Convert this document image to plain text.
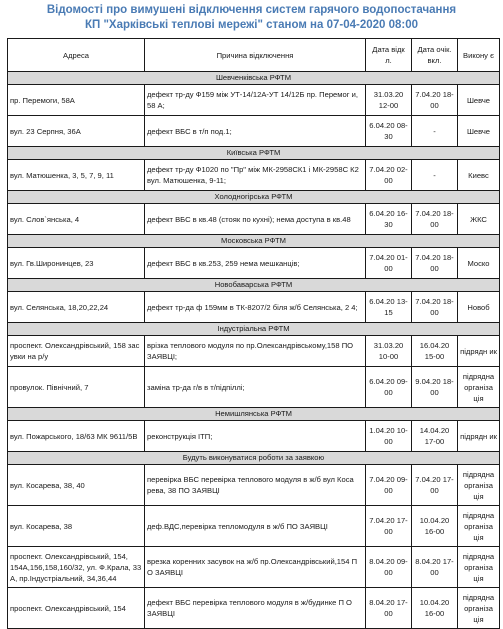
Відомості про вимушені відключення систем гарячого водопостачання
КП "Харківські теплові мережі" станом на 07-04-2020 08:00
Адреса	Причина відключення	Дата відк л.	Дата очік. вкл.	Викону є
Шевченківська РФТМ				
пр. Перемоги, 58А	дефект тр-ду Ф159 між УТ-14/12А-УТ 14/12Б пр. Перемог и, 58 А;	31.03.20 12-00	7.04.20 18-00	Шевче
вул. 23 Серпня, 36А	дефект ВБС в т/п под.1;	6.04.20 08-30	-	Шевче
Київська РФТМ				
вул. Матюшенка, 3, 5, 7, 9, 11	дефект тр-ду Ф1020 по "Пр" між МК-2958СК1 і МК-2958С К2 вул. Матюшенка, 9-11;	7.04.20 02-00	-	Киевс
Холодногірська РФТМ				
вул. Слов`янська, 4	дефект ВБС в кв.48 (стояк по кухні); нема доступа в кв.48	6.04.20 16-30	7.04.20 18-00	ЖКС
Московська РФТМ				
вул. Гв.Широнинцев, 23	дефект ВБС в кв.253, 259 нема мешканців;	7.04.20 01-00	7.04.20 18-00	Моско
Новобаварська РФТМ				
вул. Селянська, 18,20,22,24	дефект тр-да ф 159мм в ТК-8207/2 біля ж/б Селянська, 2 4;	6.04.20 13-15	7.04.20 18-00	Новоб
Індустріальна РФТМ				
проспект. Олександрівський, 158 зас увки на р/у	врізка теплового модуля по пр.Олександрівському,158 ПО ЗАЯВЦІ;	31.03.20 10-00	16.04.20 15-00	підрядн ик
провулок. Північний, 7	заміна тр-да г/в в т/підпіллі;	6.04.20 09-00	9.04.20 18-00	підрядна організа ція
Немишлянська РФТМ				
вул. Пожарського, 18/63 МК 9611/5В	реконструкція ІТП;	1.04.20 10-00	14.04.20 17-00	підрядн ик
Будуть виконуватися роботи за заявкою				
вул. Косарева, 38, 40	перевірка ВБС перевірка теплового модуля в ж/б вул Коса рева, 38 ПО ЗАЯВЦІ	7.04.20 09-00	7.04.20 17-00	підрядна організа ція
вул. Косарева, 38	деф.ВДС,перевірка тепломодуля в ж/б ПО ЗАЯВЦІ	7.04.20 17-00	10.04.20 16-00	підрядна організа ція
проспект. Олександрівський, 154, 154А,156,158,160/32, ул. Ф.Крала, 33 А, пр.Індустріальний, 34,36,44	врезка коренних засувок на ж/б пр.Олександрівський,154 П О ЗАЯВЦІ	8.04.20 09-00	8.04.20 17-00	підрядна організа ція
проспект. Олександрівський, 154	дефект ВБС перевірка теплового модуля в ж/будинке П О ЗАЯВЦІ	8.04.20 17-00	10.04.20 16-00	підрядна організа ція
